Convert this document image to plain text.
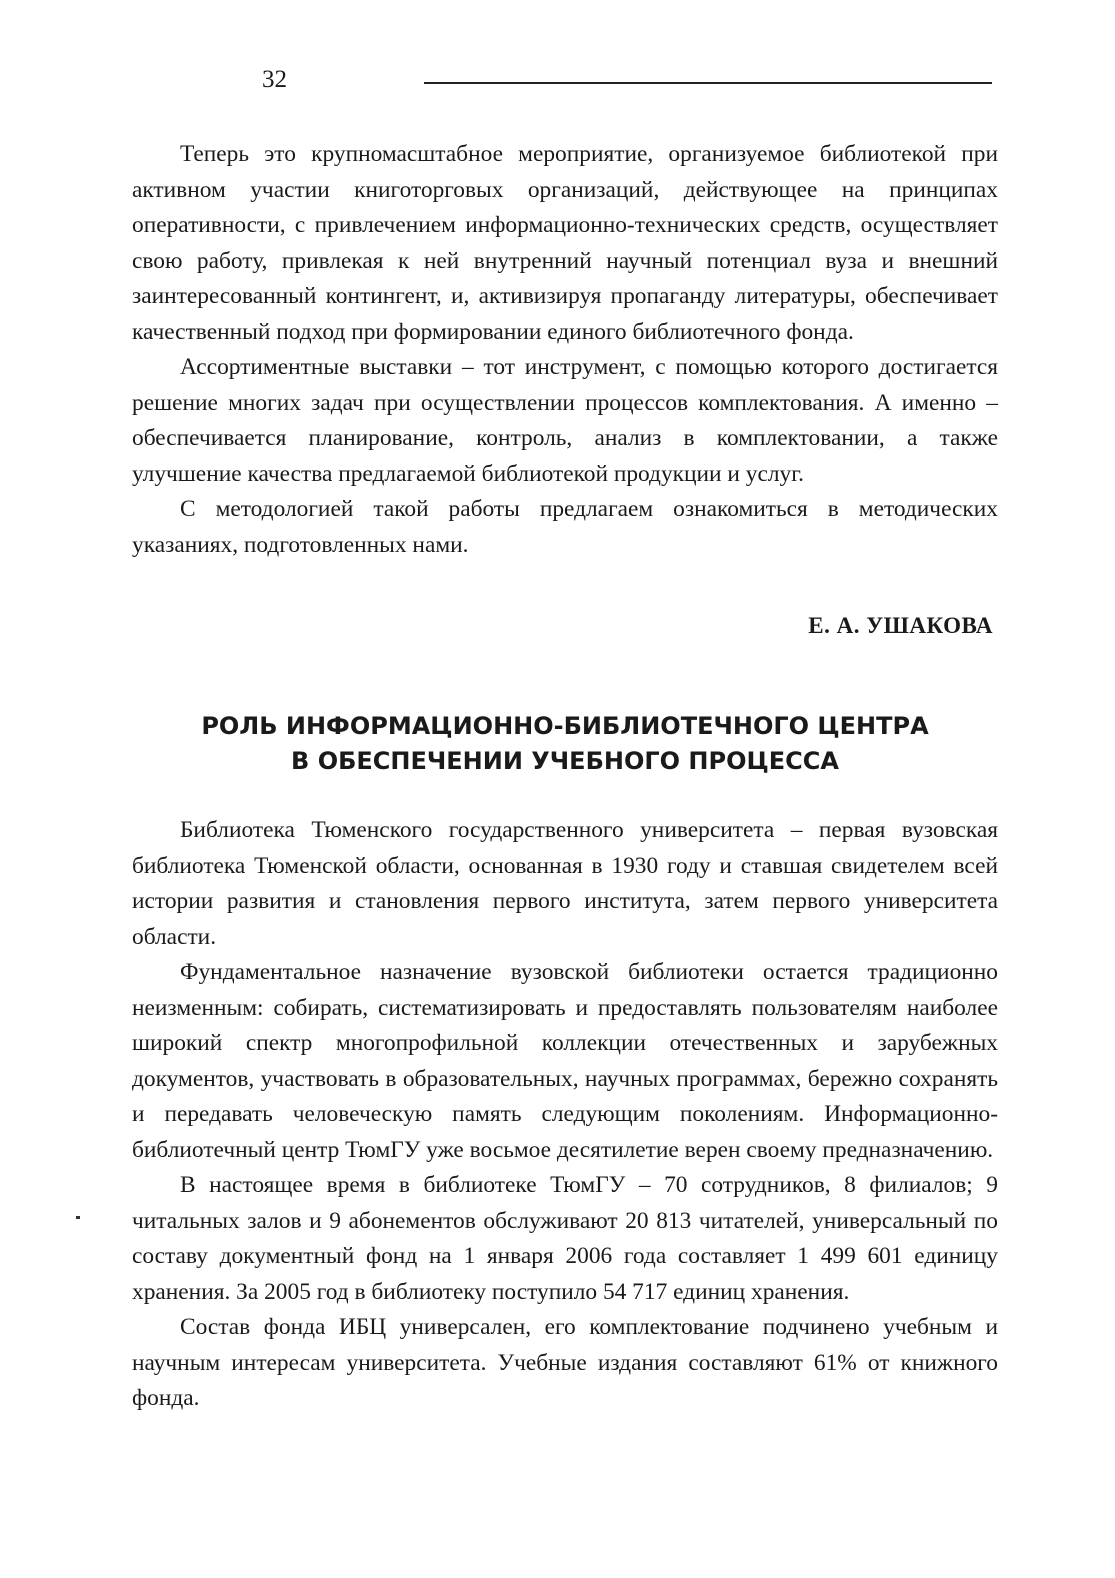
32

Теперь это крупномасштабное мероприятие, организуемое библиотекой при активном участии книготорговых организаций, действующее на принципах оперативности, с привлечением информационно-технических средств, осуществляет свою работу, привлекая к ней внутренний научный потенциал вуза и внешний заинтересованный контингент, и, активизируя пропаганду литературы, обеспечивает качественный подход при формировании единого библиотечного фонда.

Ассортиментные выставки – тот инструмент, с помощью которого достигается решение многих задач при осуществлении процессов комплектования. А именно – обеспечивается планирование, контроль, анализ в комплектовании, а также улучшение качества предлагаемой библиотекой продукции и услуг.

С методологией такой работы предлагаем ознакомиться в методических указаниях, подготовленных нами.

Е. А. УШАКОВА
РОЛЬ ИНФОРМАЦИОННО-БИБЛИОТЕЧНОГО ЦЕНТРА
В ОБЕСПЕЧЕНИИ УЧЕБНОГО ПРОЦЕССА

Библиотека Тюменского государственного университета – первая вузовская библиотека Тюменской области, основанная в 1930 году и ставшая свидетелем всей истории развития и становления первого института, затем первого университета области.

Фундаментальное назначение вузовской библиотеки остается традиционно неизменным: собирать, систематизировать и предоставлять пользователям наиболее широкий спектр многопрофильной коллекции отечественных и зарубежных документов, участвовать в образовательных, научных программах, бережно сохранять и передавать человеческую память следующим поколениям. Информационно-библиотечный центр ТюмГУ уже восьмое десятилетие верен своему предназначению.

В настоящее время в библиотеке ТюмГУ – 70 сотрудников, 8 филиалов; 9 читальных залов и 9 абонементов обслуживают 20 813 читателей, универсальный по составу документный фонд на 1 января 2006 года составляет 1 499 601 единицу хранения. За 2005 год в библиотеку поступило 54 717 единиц хранения.

Состав фонда ИБЦ универсален, его комплектование подчинено учебным и научным интересам университета. Учебные издания составляют 61% от книжного фонда.
